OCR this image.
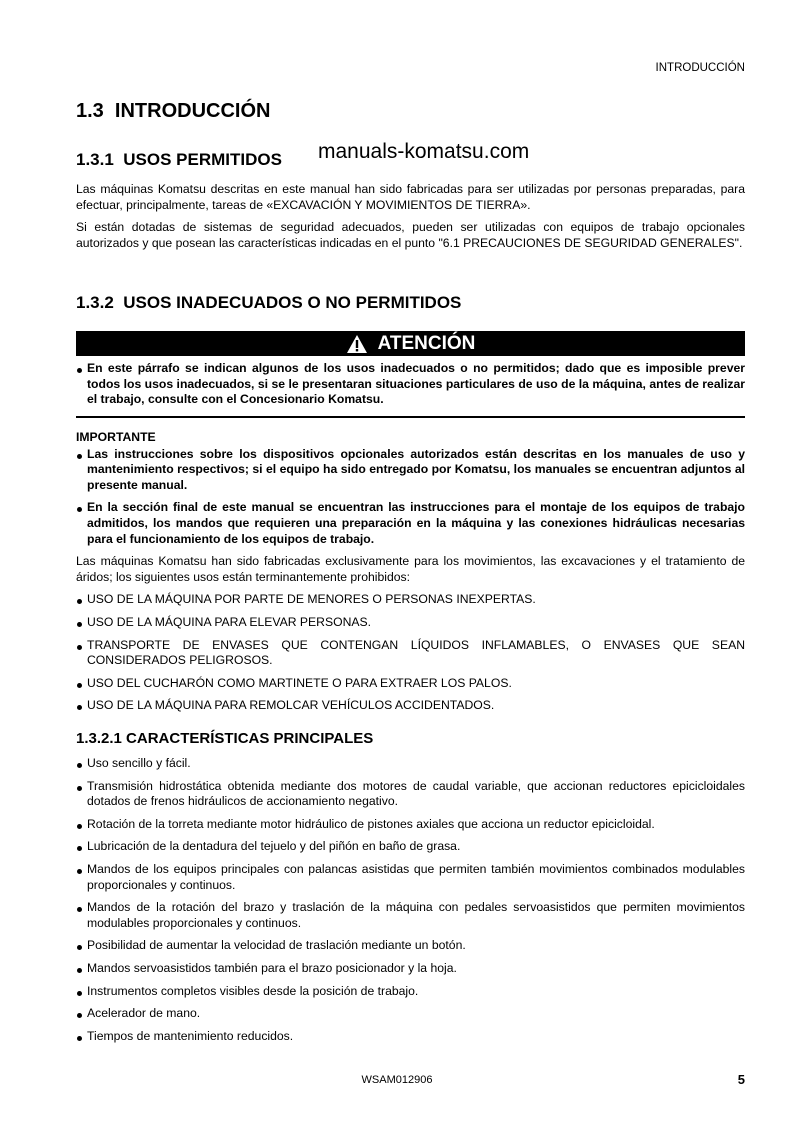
INTRODUCCIÓN
1.3  INTRODUCCIÓN
1.3.1  USOS PERMITIDOS	manuals-komatsu.com

Las máquinas Komatsu descritas en este manual han sido fabricadas para ser utilizadas por personas preparadas, para efectuar, principalmente, tareas de «EXCAVACIÓN Y MOVIMIENTOS DE TIERRA».

Si están dotadas de sistemas de seguridad adecuados, pueden ser utilizadas con equipos de trabajo opcionales autorizados y que posean las características indicadas en el punto "6.1 PRECAUCIONES DE SEGURIDAD GENERALES".

1.3.2  USOS INADECUADOS O NO PERMITIDOS
ATENCIÓN

En este párrafo se indican algunos de los usos inadecuados o no permitidos; dado que es imposible prever todos los usos inadecuados, si se le presentaran situaciones particulares de uso de la máquina, antes de realizar el trabajo, consulte con el Concesionario Komatsu.

IMPORTANTE

Las instrucciones sobre los dispositivos opcionales autorizados están descritas en los manuales de uso y mantenimiento respectivos; si el equipo ha sido entregado por Komatsu, los manuales se encuentran adjuntos al presente manual.

En la sección final de este manual se encuentran las instrucciones para el montaje de los equipos de trabajo admitidos, los mandos que requieren una preparación en la máquina y las conexiones hidráulicas necesarias para el funcionamiento de los equipos de trabajo.

Las máquinas Komatsu han sido fabricadas exclusivamente para los movimientos, las excavaciones y el tratamiento de áridos; los siguientes usos están terminantemente prohibidos:

USO DE LA MÁQUINA POR PARTE DE MENORES O PERSONAS INEXPERTAS.

USO DE LA MÁQUINA PARA ELEVAR PERSONAS.

TRANSPORTE DE ENVASES QUE CONTENGAN LÍQUIDOS INFLAMABLES, O ENVASES QUE SEAN CONSIDERADOS PELIGROSOS.

USO DEL CUCHARÓN COMO MARTINETE O PARA EXTRAER LOS PALOS.

USO DE LA MÁQUINA PARA REMOLCAR VEHÍCULOS ACCIDENTADOS.

1.3.2.1 CARACTERÍSTICAS PRINCIPALES

Uso sencillo y fácil.

Transmisión hidrostática obtenida mediante dos motores de caudal variable, que accionan reductores epicicloidales dotados de frenos hidráulicos de accionamiento negativo.

Rotación de la torreta mediante motor hidráulico de pistones axiales que acciona un reductor epicicloidal.

Lubricación de la dentadura del tejuelo y del piñón en baño de grasa.

Mandos de los equipos principales con palancas asistidas que permiten también movimientos combinados modulables proporcionales y continuos.

Mandos de la rotación del brazo y traslación de la máquina con pedales servoasistidos que permiten movimientos modulables proporcionales y continuos.

Posibilidad de aumentar la velocidad de traslación mediante un botón.

Mandos servoasistidos también para el brazo posicionador y la hoja.

Instrumentos completos visibles desde la posición de trabajo.

Acelerador de mano.

Tiempos de mantenimiento reducidos.

WSAM012906	5
